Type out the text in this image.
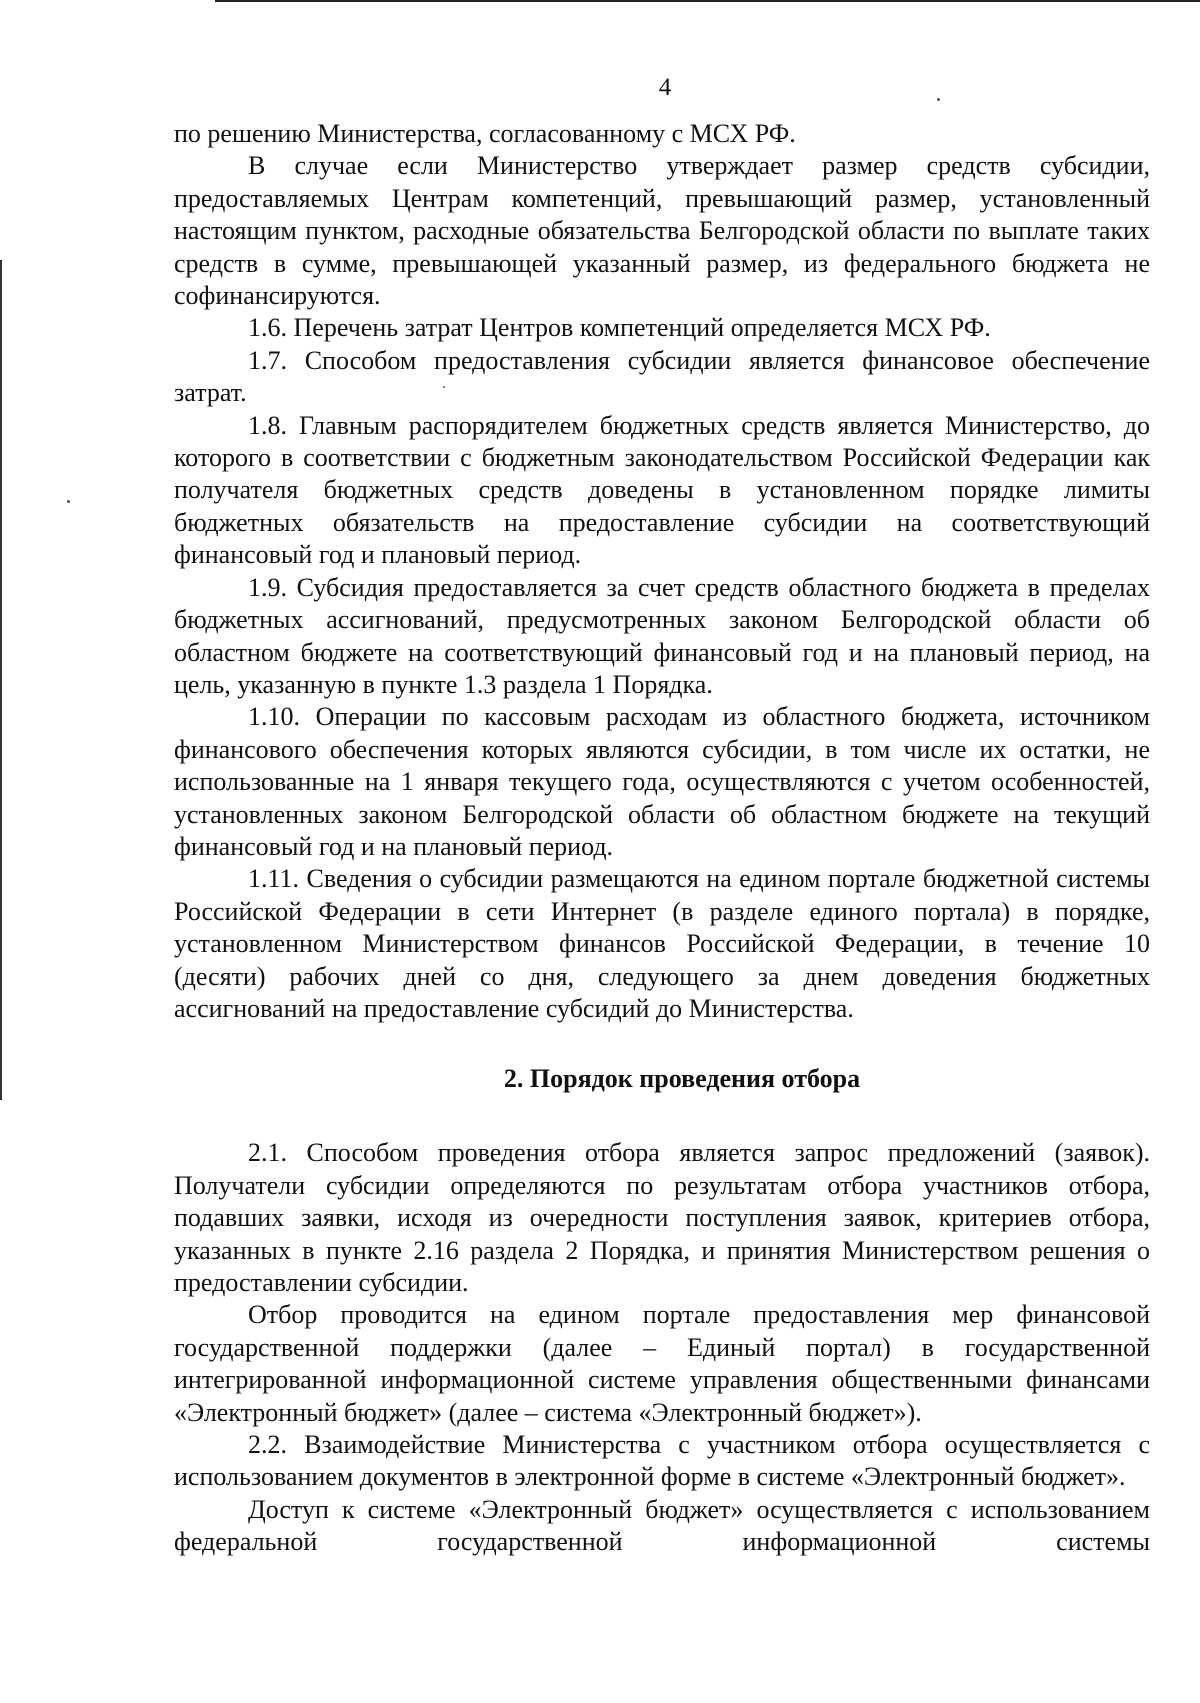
4

по решению Министерства, согласованному с МСХ РФ.

В случае если Министерство утверждает размер средств субсидии, предоставляемых Центрам компетенций, превышающий размер, установленный настоящим пунктом, расходные обязательства Белгородской области по выплате таких средств в сумме, превышающей указанный размер, из федерального бюджета не софинансируются.

1.6. Перечень затрат Центров компетенций определяется МСХ РФ.

1.7. Способом предоставления субсидии является финансовое обеспечение затрат.

1.8. Главным распорядителем бюджетных средств является Министерство, до которого в соответствии с бюджетным законодательством Российской Федерации как получателя бюджетных средств доведены в установленном порядке лимиты бюджетных обязательств на предоставление субсидии на соответствующий финансовый год и плановый период.

1.9. Субсидия предоставляется за счет средств областного бюджета в пределах бюджетных ассигнований, предусмотренных законом Белгородской области об областном бюджете на соответствующий финансовый год и на плановый период, на цель, указанную в пункте 1.3 раздела 1 Порядка.

1.10. Операции по кассовым расходам из областного бюджета, источником финансового обеспечения которых являются субсидии, в том числе их остатки, не использованные на 1 января текущего года, осуществляются с учетом особенностей, установленных законом Белгородской области об областном бюджете на текущий финансовый год и на плановый период.

1.11. Сведения о субсидии размещаются на едином портале бюджетной системы Российской Федерации в сети Интернет (в разделе единого портала) в порядке, установленном Министерством финансов Российской Федерации, в течение 10 (десяти) рабочих дней со дня, следующего за днем доведения бюджетных ассигнований на предоставление субсидий до Министерства.

2. Порядок проведения отбора

2.1. Способом проведения отбора является запрос предложений (заявок). Получатели субсидии определяются по результатам отбора участников отбора, подавших заявки, исходя из очередности поступления заявок, критериев отбора, указанных в пункте 2.16 раздела 2 Порядка, и принятия Министерством решения о предоставлении субсидии.

Отбор проводится на едином портале предоставления мер финансовой государственной поддержки (далее – Единый портал) в государственной интегрированной информационной системе управления общественными финансами «Электронный бюджет» (далее – система «Электронный бюджет»).

2.2. Взаимодействие Министерства с участником отбора осуществляется с использованием документов в электронной форме в системе «Электронный бюджет».

Доступ к системе «Электронный бюджет» осуществляется с использованием федеральной государственной информационной системы
